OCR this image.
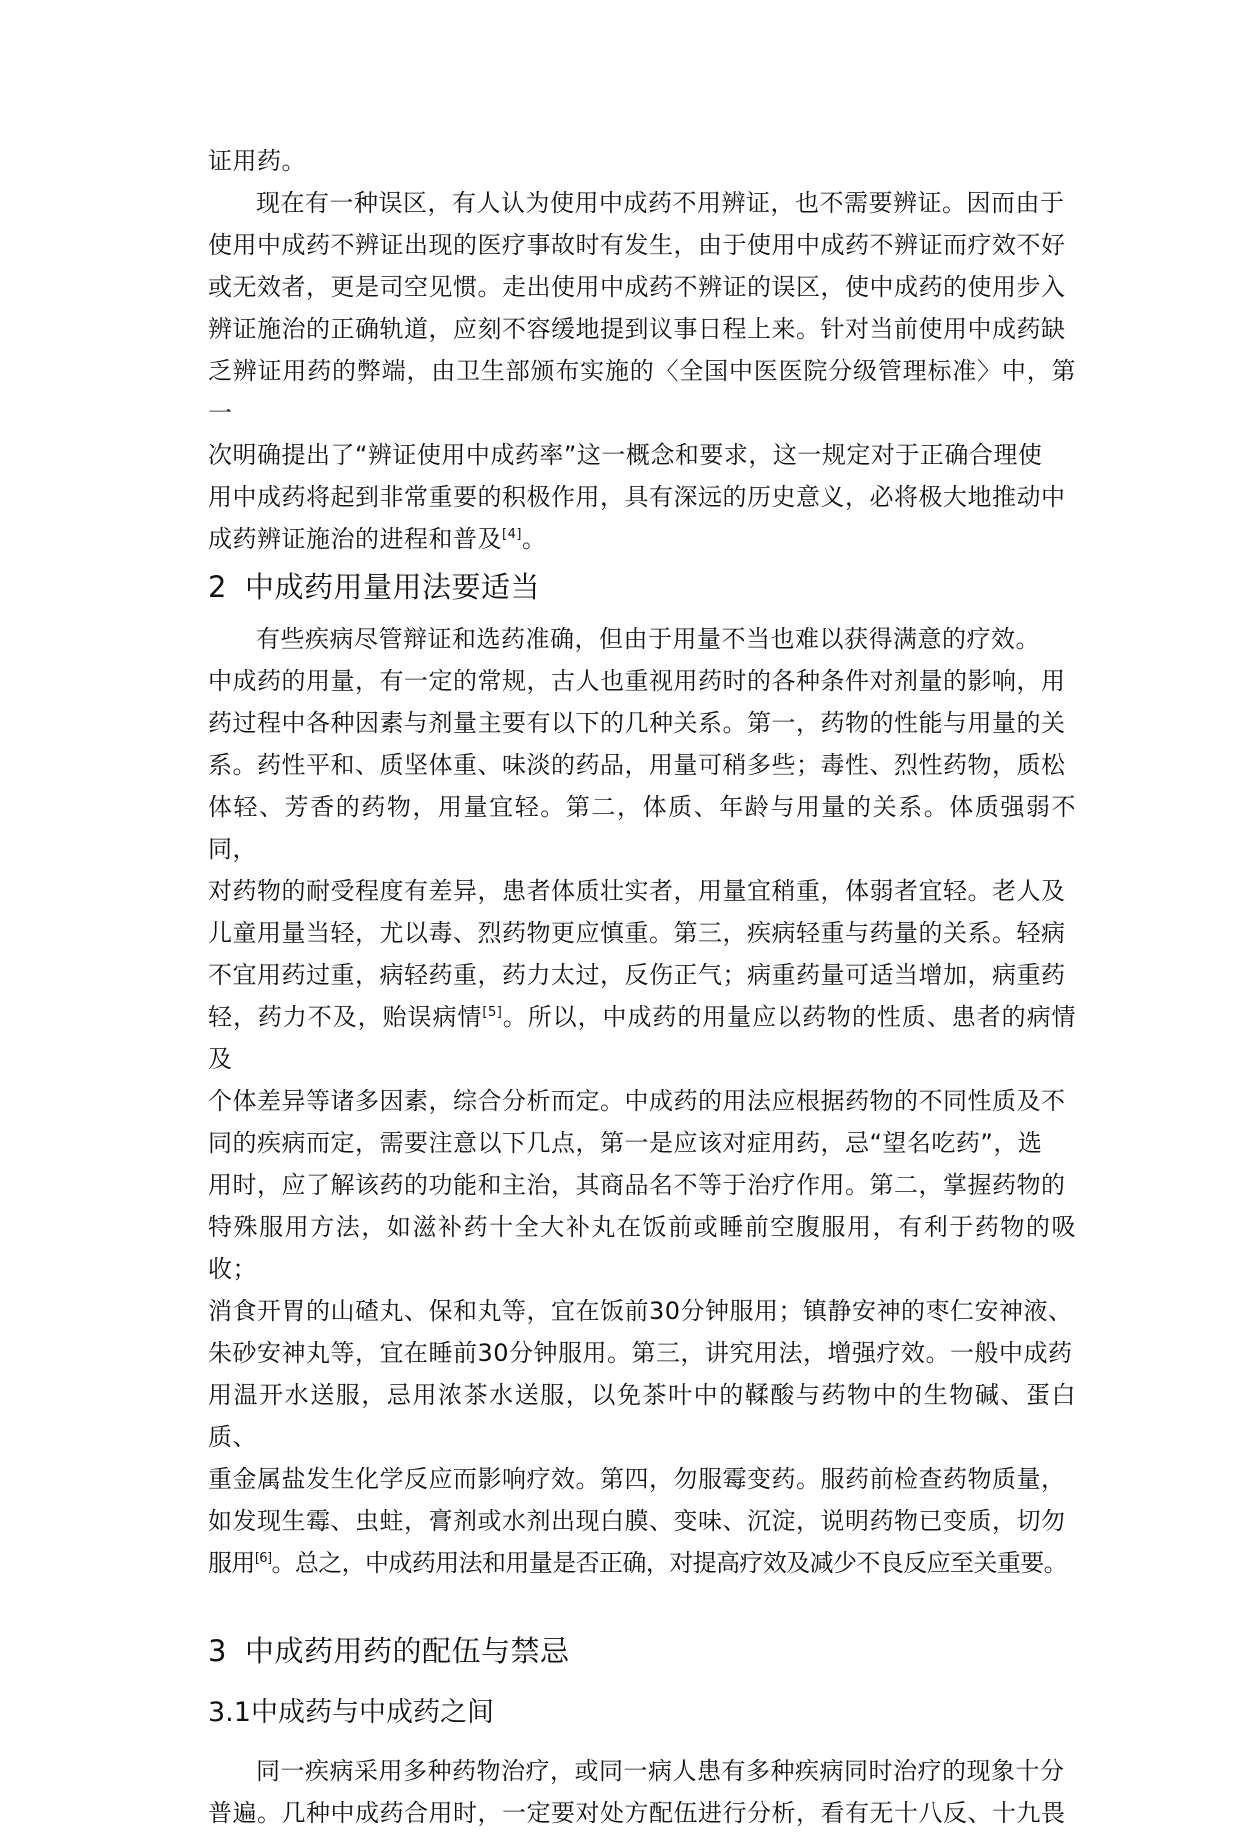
证用药。

现在有一种误区，有人认为使用中成药不用辨证，也不需要辨证。因而由于
使用中成药不辨证出现的医疗事故时有发生，由于使用中成药不辨证而疗效不好
或无效者，更是司空见惯。走出使用中成药不辨证的误区，使中成药的使用步入
辨证施治的正确轨道，应刻不容缓地提到议事日程上来。针对当前使用中成药缺
乏辨证用药的弊端，由卫生部颁布实施的〈全国中医医院分级管理标准〉中，第一
次明确提出了“辨证使用中成药率”这一概念和要求，这一规定对于正确合理使
用中成药将起到非常重要的积极作用，具有深远的历史意义，必将极大地推动中
成药辨证施治的进程和普及[4]。

2 中成药用量用法要适当

有些疾病尽管辩证和选药准确，但由于用量不当也难以获得满意的疗效。
中成药的用量，有一定的常规，古人也重视用药时的各种条件对剂量的影响，用
药过程中各种因素与剂量主要有以下的几种关系。第一，药物的性能与用量的关
系。药性平和、质坚体重、味淡的药品，用量可稍多些；毒性、烈性药物，质松
体轻、芳香的药物，用量宜轻。第二，体质、年龄与用量的关系。体质强弱不同，
对药物的耐受程度有差异，患者体质壮实者，用量宜稍重，体弱者宜轻。老人及
儿童用量当轻，尤以毒、烈药物更应慎重。第三，疾病轻重与药量的关系。轻病
不宜用药过重，病轻药重，药力太过，反伤正气；病重药量可适当增加，病重药
轻，药力不及，贻误病情[5]。所以，中成药的用量应以药物的性质、患者的病情及
个体差异等诸多因素，综合分析而定。中成药的用法应根据药物的不同性质及不
同的疾病而定，需要注意以下几点，第一是应该对症用药，忌“望名吃药”，选
用时，应了解该药的功能和主治，其商品名不等于治疗作用。第二，掌握药物的
特殊服用方法，如滋补药十全大补丸在饭前或睡前空腹服用，有利于药物的吸收；
消食开胃的山碴丸、保和丸等，宜在饭前30分钟服用；镇静安神的枣仁安神液、
朱砂安神丸等，宜在睡前30分钟服用。第三，讲究用法，增强疗效。一般中成药
用温开水送服，忌用浓茶水送服，以免茶叶中的鞣酸与药物中的生物碱、蛋白质、
重金属盐发生化学反应而影响疗效。第四，勿服霉变药。服药前检查药物质量，
如发现生霉、虫蛀，膏剂或水剂出现白膜、变味、沉淀，说明药物已变质，切勿
服用[6]。总之，中成药用法和用量是否正确，对提高疗效及减少不良反应至关重要。

3 中成药用药的配伍与禁忌
3.1中成药与中成药之间

同一疾病采用多种药物治疗，或同一病人患有多种疾病同时治疗的现象十分
普遍。几种中成药合用时，一定要对处方配伍进行分析，看有无十八反、十九畏
